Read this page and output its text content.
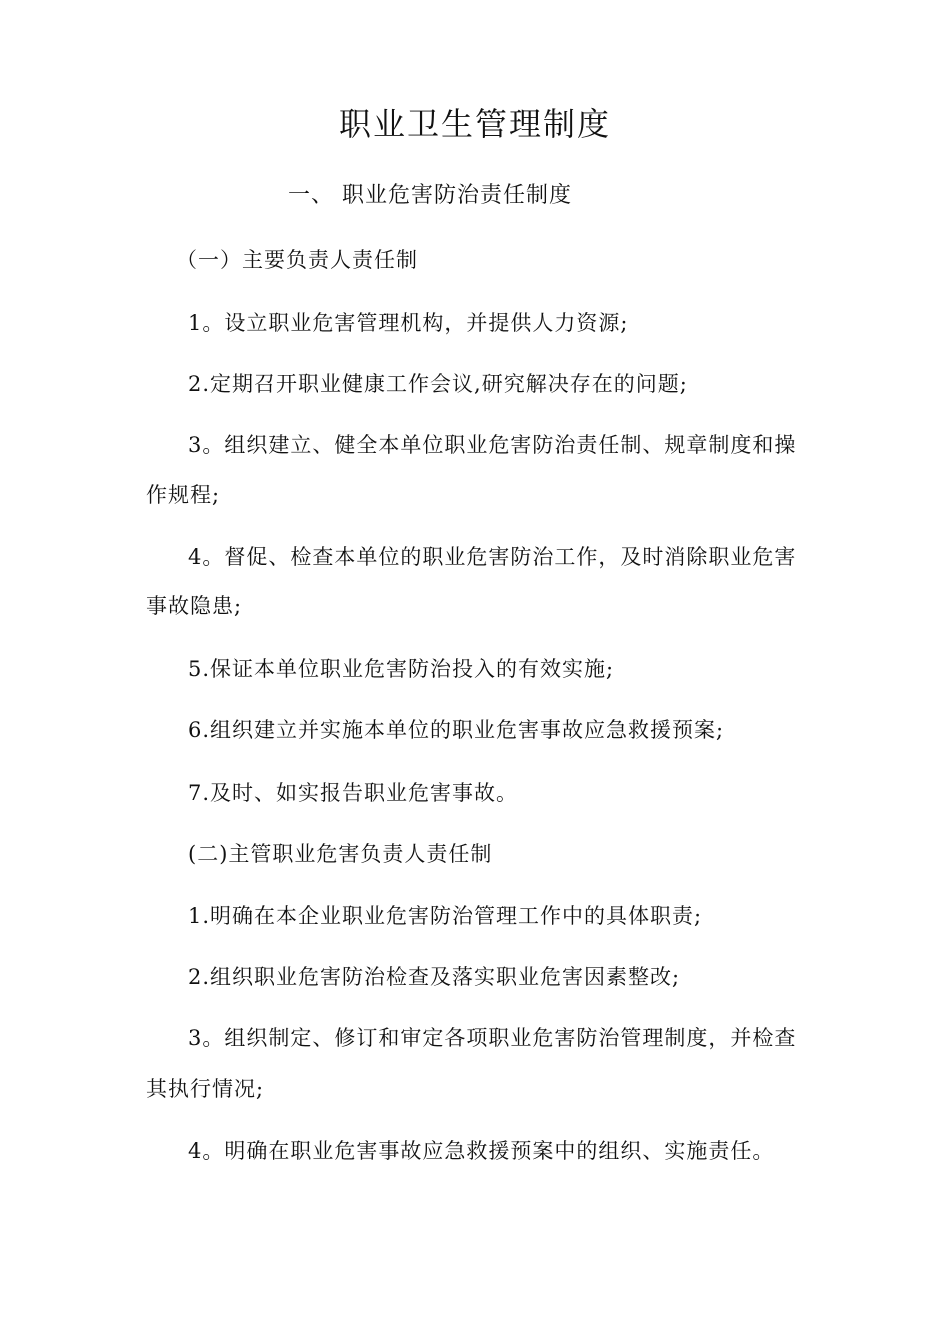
职业卫生管理制度
一、 职业危害防治责任制度
（一）主要负责人责任制
1。设立职业危害管理机构，并提供人力资源;
2.定期召开职业健康工作会议,研究解决存在的问题;
3。组织建立、健全本单位职业危害防治责任制、规章制度和操
作规程;
4。督促、检查本单位的职业危害防治工作，及时消除职业危害
事故隐患;
5.保证本单位职业危害防治投入的有效实施;
6.组织建立并实施本单位的职业危害事故应急救援预案;
7.及时、如实报告职业危害事故。
(二)主管职业危害负责人责任制
1.明确在本企业职业危害防治管理工作中的具体职责;
2.组织职业危害防治检查及落实职业危害因素整改;
3。组织制定、修订和审定各项职业危害防治管理制度，并检查
其执行情况;
4。明确在职业危害事故应急救援预案中的组织、实施责任。
